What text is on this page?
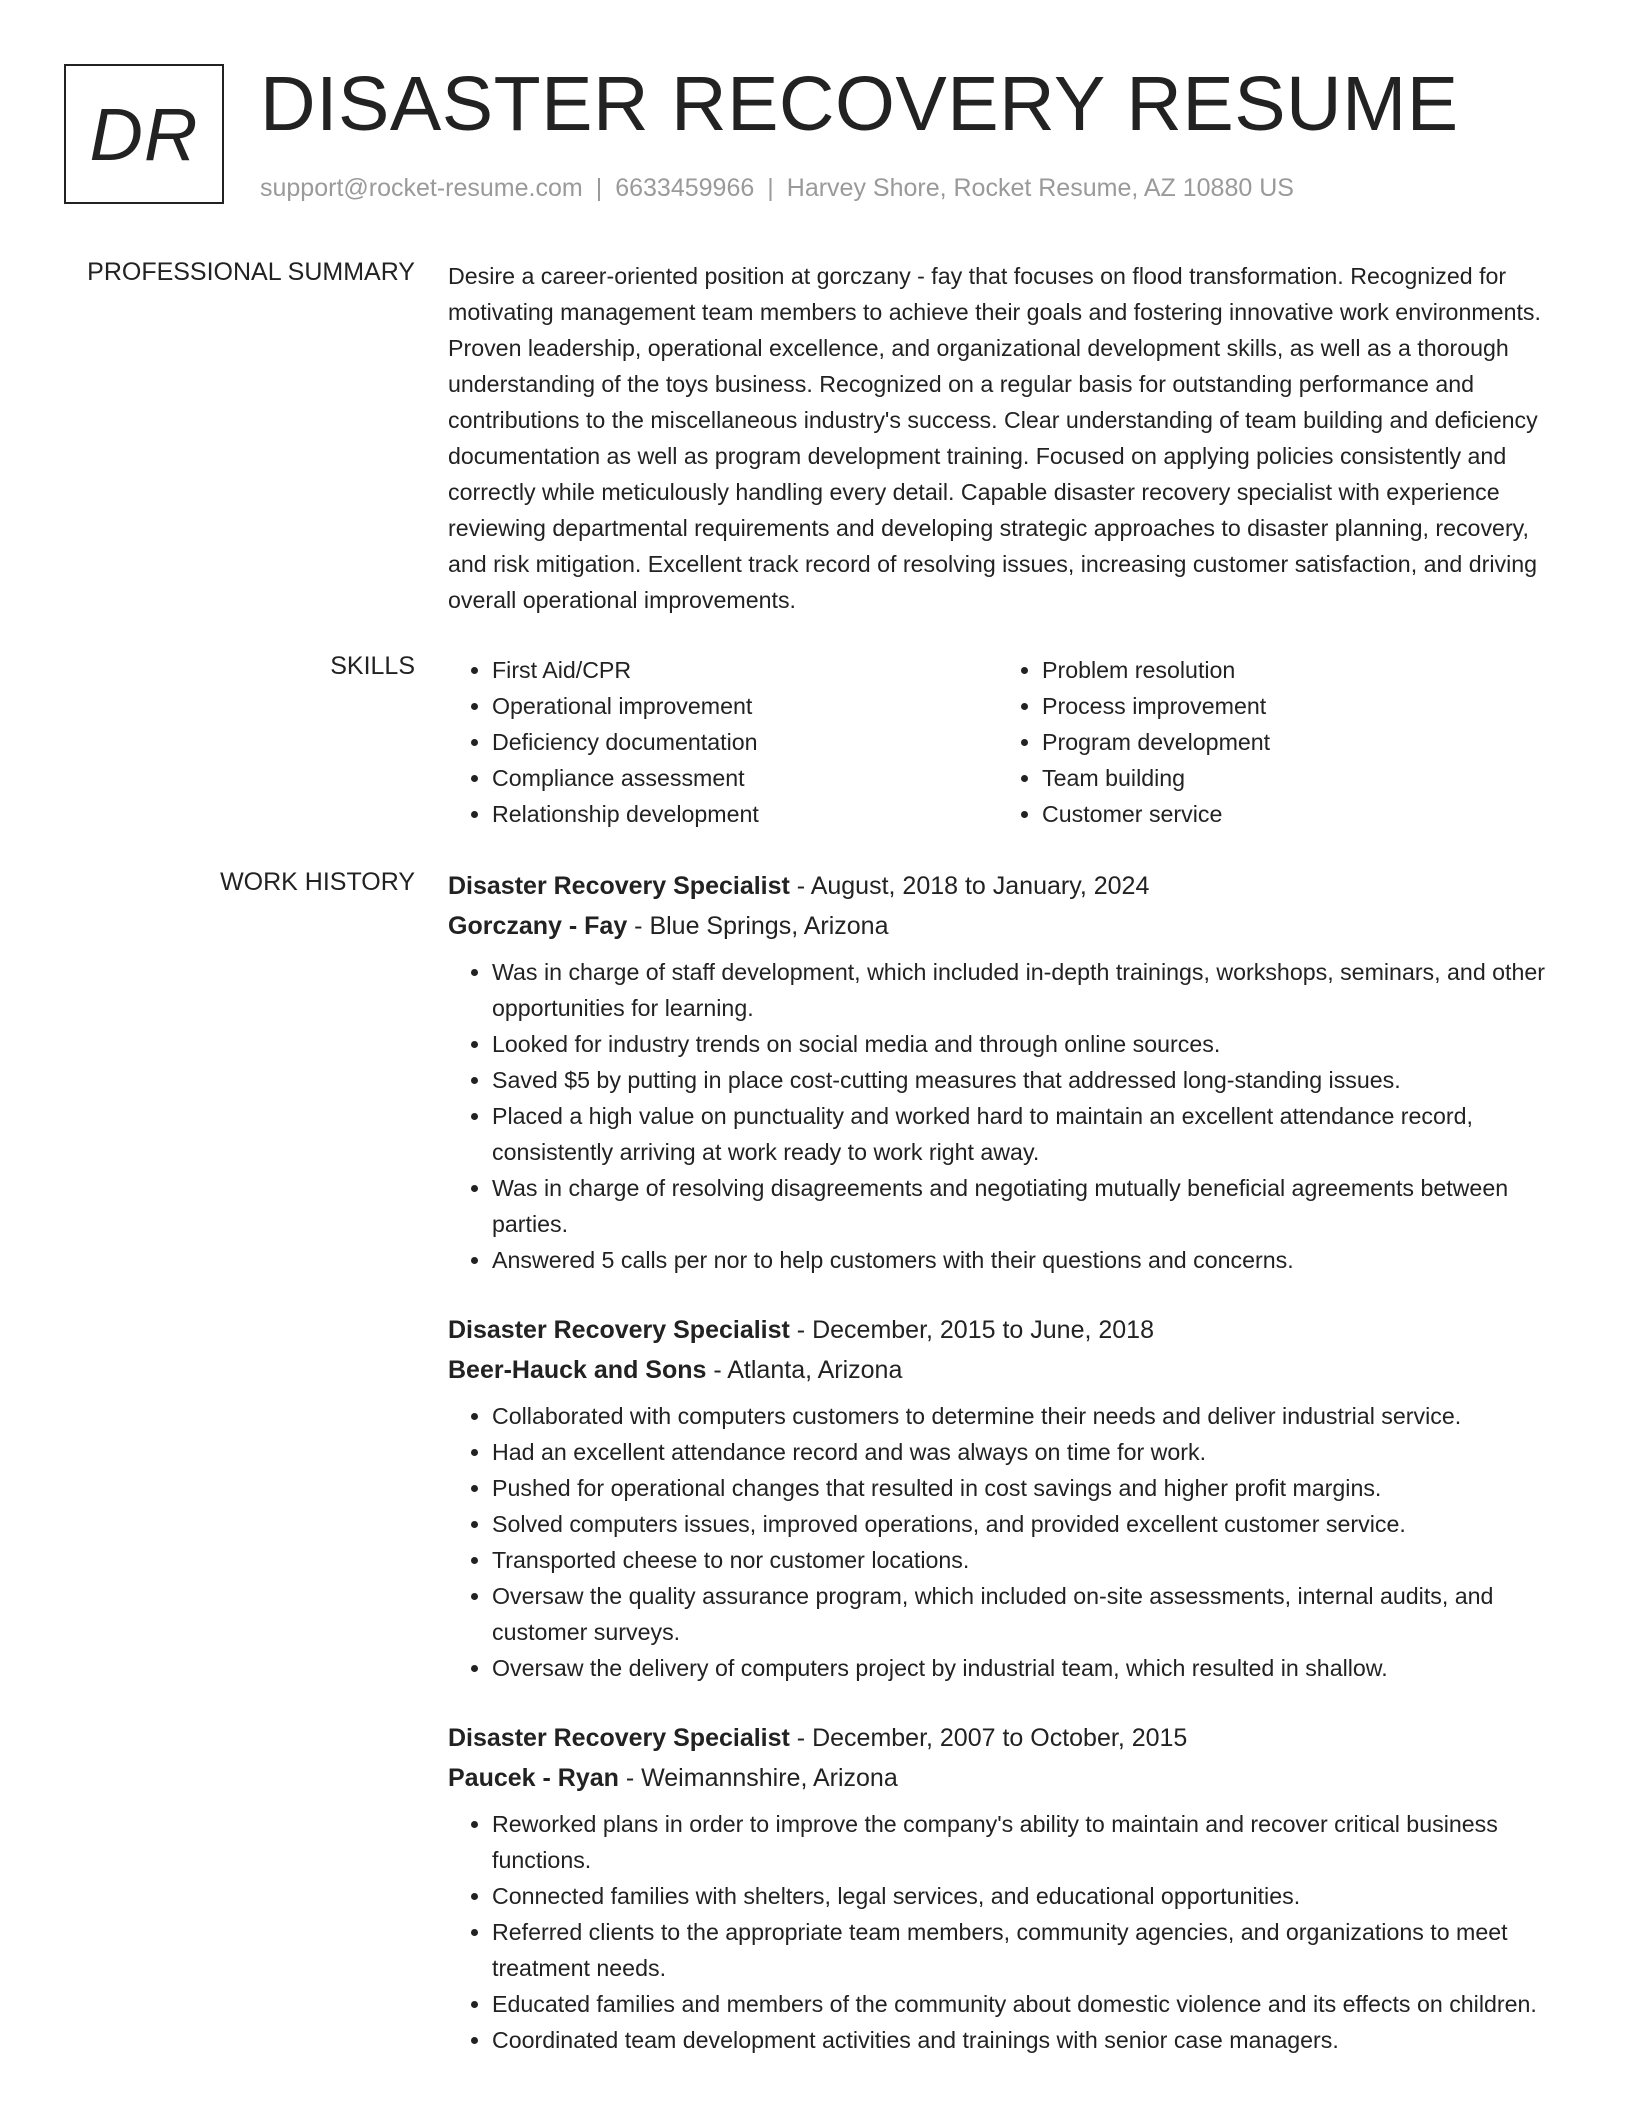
DR DISASTER RECOVERY RESUME
support@rocket-resume.com | 6633459966 | Harvey Shore, Rocket Resume, AZ 10880 US
PROFESSIONAL SUMMARY Desire a career-oriented position at gorczany - fay that focuses on flood transformation. Recognized for motivating management team members to achieve their goals and fostering innovative work environments. Proven leadership, operational excellence, and organizational development skills, as well as a thorough understanding of the toys business. Recognized on a regular basis for outstanding performance and contributions to the miscellaneous industry's success. Clear understanding of team building and deficiency documentation as well as program development training. Focused on applying policies consistently and correctly while meticulously handling every detail. Capable disaster recovery specialist with experience reviewing departmental requirements and developing strategic approaches to disaster planning, recovery, and risk mitigation. Excellent track record of resolving issues, increasing customer satisfaction, and driving overall operational improvements.

SKILLS
•	First Aid/CPR
• Operational improvement
• Deficiency documentation
• Compliance assessment
• Relationship development
• Problem resolution
• Process improvement
• Program development
• Team building
• Customer service
WORK HISTORY Disaster Recovery Specialist - August, 2018 to January, 2024
Gorczany - Fay - Blue Springs, Arizona
• Was in charge of staff development, which included in-depth trainings, workshops, seminars, and other opportunities for learning.
• Looked for industry trends on social media and through online sources.
• Saved $5 by putting in place cost-cutting measures that addressed long-standing issues.
• Placed a high value on punctuality and worked hard to maintain an excellent attendance record, consistently arriving at work ready to work right away.
• Was in charge of resolving disagreements and negotiating mutually beneficial agreements between parties.
• Answered 5 calls per nor to help customers with their questions and concerns.
Disaster Recovery Specialist - December, 2015 to June, 2018
Beer-Hauck and Sons - Atlanta, Arizona
• Collaborated with computers customers to determine their needs and deliver industrial service.
• Had an excellent attendance record and was always on time for work.
• Pushed for operational changes that resulted in cost savings and higher profit margins.
• Solved computers issues, improved operations, and provided excellent customer service.
• Transported cheese to nor customer locations.
• Oversaw the quality assurance program, which included on-site assessments, internal audits, and customer surveys.
• Oversaw the delivery of computers project by industrial team, which resulted in shallow.
Disaster Recovery Specialist - December, 2007 to October, 2015
Paucek - Ryan - Weimannshire, Arizona
• Reworked plans in order to improve the company's ability to maintain and recover critical business functions.
• Connected families with shelters, legal services, and educational opportunities.
• Referred clients to the appropriate team members, community agencies, and organizations to meet treatment needs.
• Educated families and members of the community about domestic violence and its effects on children.
• Coordinated team development activities and trainings with senior case managers.
